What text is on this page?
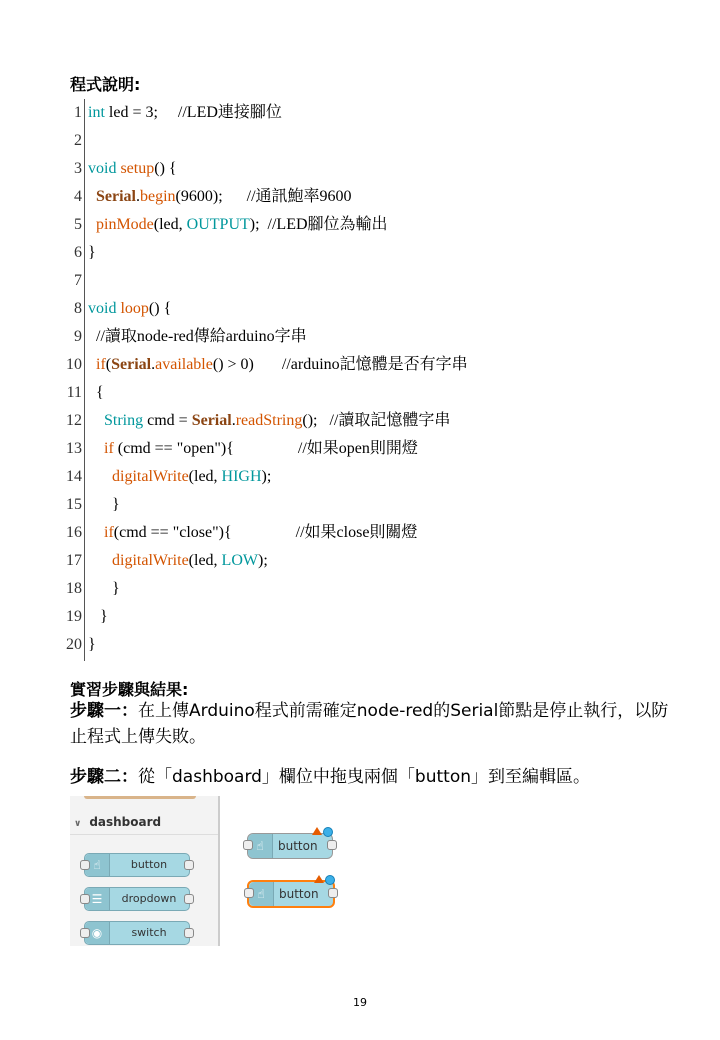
程式說明:
1 int led = 3;     //LED連接腳位
2
3 void setup() {
4 Serial.begin(9600);      //通訊鮑率9600
5 pinMode(led, OUTPUT);  //LED腳位為輸出
6 }
7
8 void loop() {
9 //讀取node-red傳給arduino字串
10 if(Serial.available() > 0)       //arduino記憶體是否有字串
11 {
12	String cmd = Serial.readString();   //讀取記憶體字串
13	if (cmd == "open"){                //如果open則開燈
14	digitalWrite(led, HIGH);
15 }
16	if(cmd == "close"){                //如果close則關燈
17	digitalWrite(led, LOW);
18 }
19 }
20 }
實習步驟與結果:
步驟一：在上傳Arduino程式前需確定node-red的Serial節點是停止執行，以防止程式上傳失敗。
步驟二：從「dashboard」欄位中拖曳兩個「button」到至編輯區。
∨ dashboard
☝	button
☰	dropdown
◉	switch
☝	button
☝	button
19
